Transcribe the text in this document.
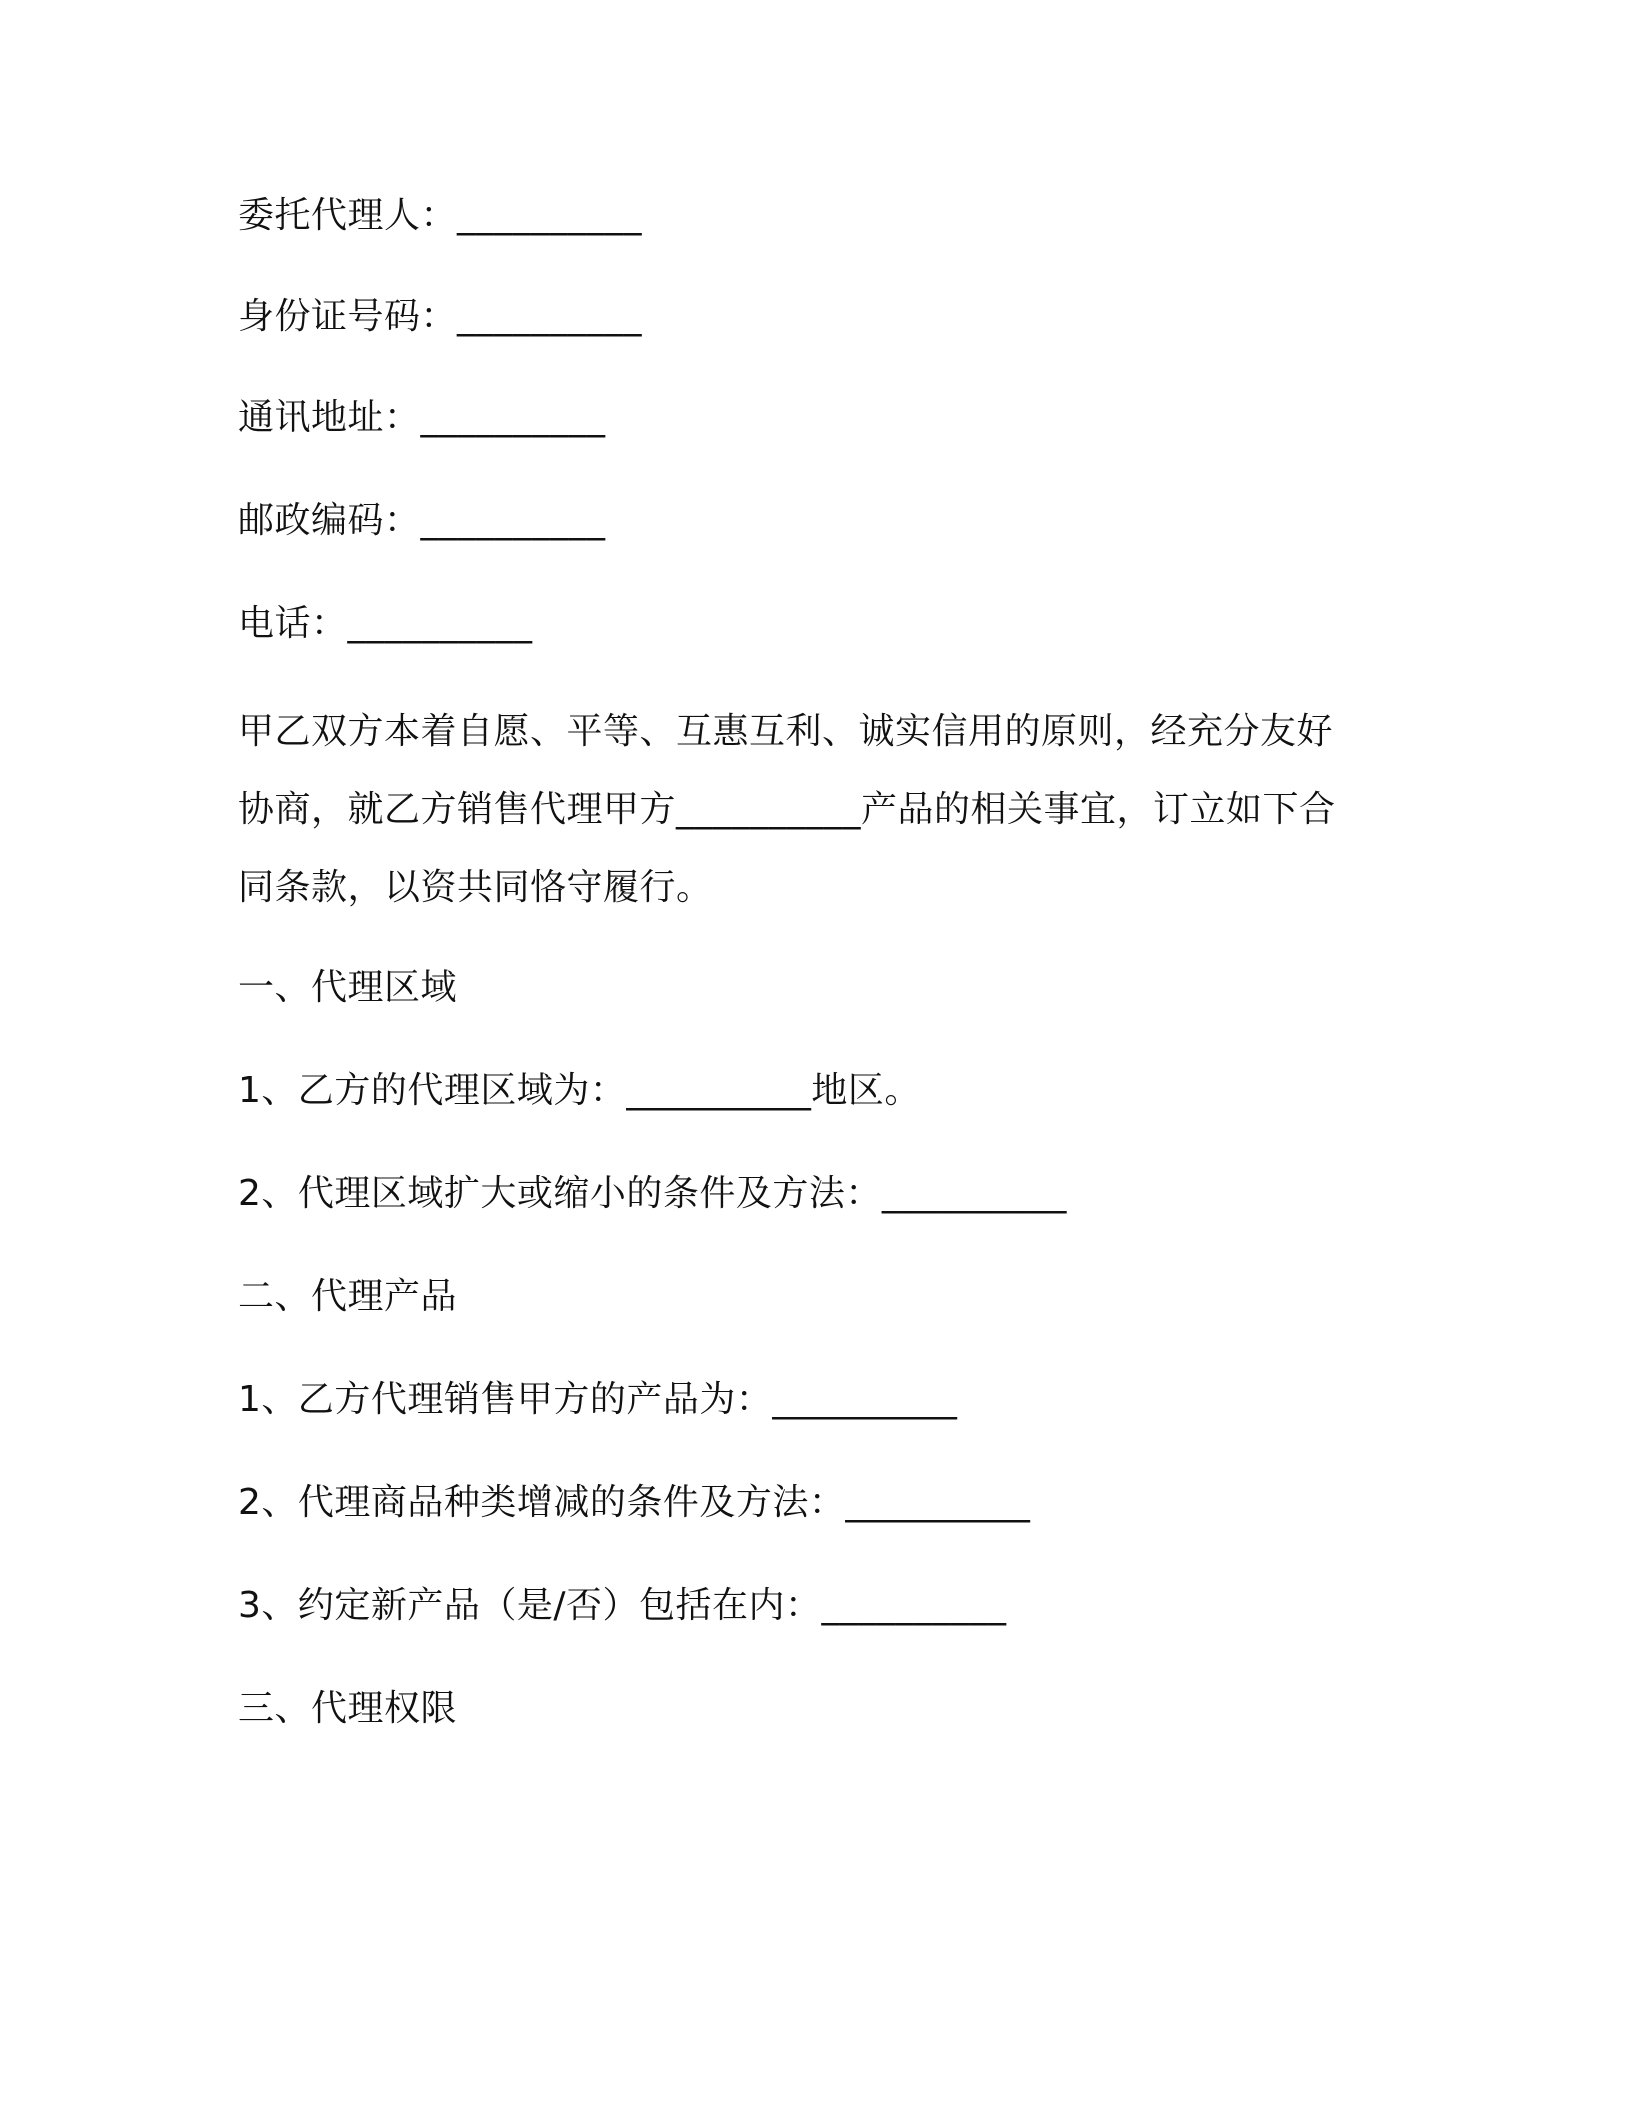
委托代理人：__________
身份证号码：__________
通讯地址：__________
邮政编码：__________
电话：__________
甲乙双方本着自愿、平等、互惠互利、诚实信用的原则，经充分友好
协商，就乙方销售代理甲方__________产品的相关事宜，订立如下合
同条款，以资共同恪守履行。
一、代理区域
1、乙方的代理区域为：__________地区。
2、代理区域扩大或缩小的条件及方法：__________
二、代理产品
1、乙方代理销售甲方的产品为：__________
2、代理商品种类增减的条件及方法：__________
3、约定新产品（是/否）包括在内：__________
三、代理权限
